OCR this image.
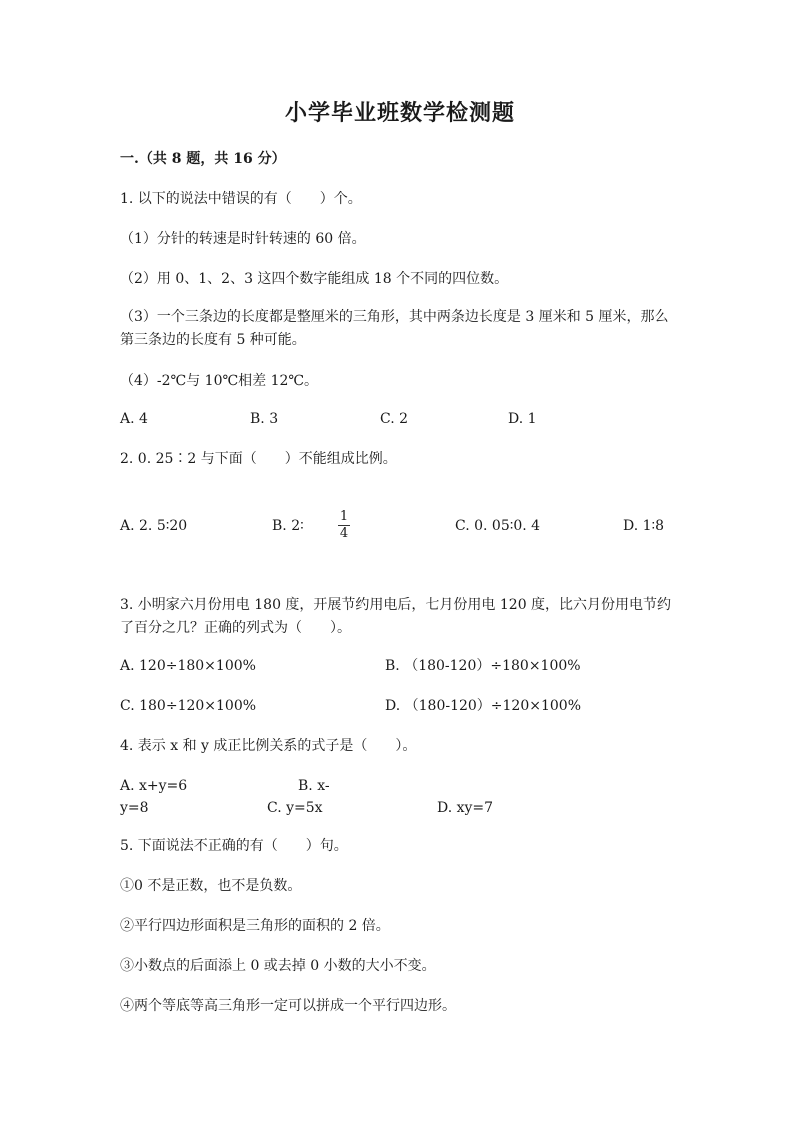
小学毕业班数学检测题
一.（共 8 题，共 16 分）
1. 以下的说法中错误的有（　　）个。
（1）分针的转速是时针转速的 60 倍。
（2）用 0、1、2、3 这四个数字能组成 18 个不同的四位数。
（3）一个三条边的长度都是整厘米的三角形，其中两条边长度是 3 厘米和 5 厘米，那么第三条边的长度有 5 种可能。
（4）-2℃与 10℃相差 12℃。
A. 4	B. 3	C. 2	D. 1
2. 0. 25∶2 与下面（　　）不能组成比例。
A. 2. 5∶20	B. 2∶
1
4	C. 0. 05∶0. 4	D. 1∶8
3. 小明家六月份用电 180 度，开展节约用电后，七月份用电 120 度，比六月份用电节约了百分之几？正确的列式为（　　）。
A. 120÷180×100%	B. （180-120）÷180×100%
C. 180÷120×100%	D. （180-120）÷120×100%
4. 表示 x 和 y 成正比例关系的式子是（　　）。
A. x+y=6	B. x-
y=8	C. y=5x	D. xy=7
5. 下面说法不正确的有（　　）句。
①0 不是正数，也不是负数。
②平行四边形面积是三角形的面积的 2 倍。
③小数点的后面添上 0 或去掉 0 小数的大小不变。
④两个等底等高三角形一定可以拼成一个平行四边形。
